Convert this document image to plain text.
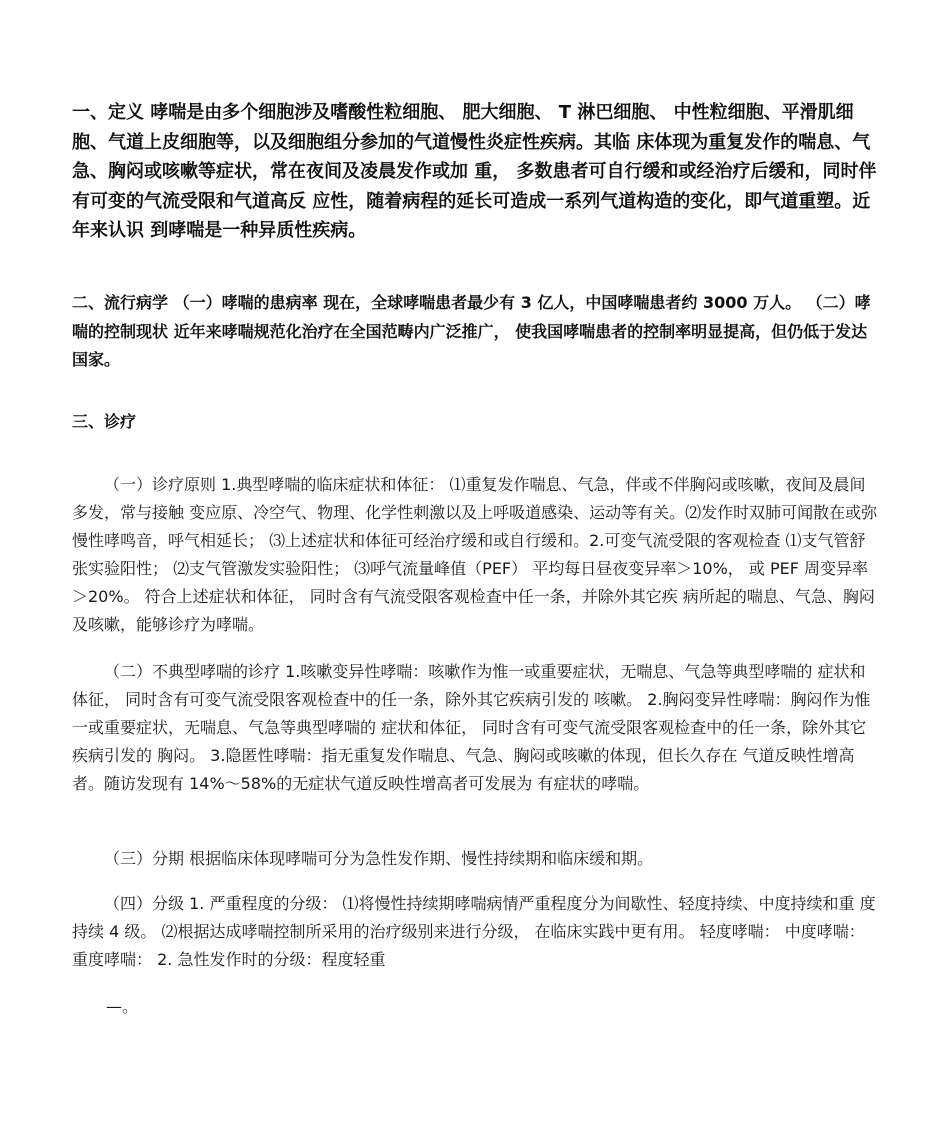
一、定义 哮喘是由多个细胞涉及嗜酸性粒细胞、 肥大细胞、 T 淋巴细胞、 中性粒细胞、平滑肌细胞、气道上皮细胞等，以及细胞组分参加的气道慢性炎症性疾病。其临 床体现为重复发作的喘息、气急、胸闷或咳嗽等症状，常在夜间及凌晨发作或加 重， 多数患者可自行缓和或经治疗后缓和，同时伴有可变的气流受限和气道高反 应性，随着病程的延长可造成一系列气道构造的变化，即气道重塑。近年来认识 到哮喘是一种异质性疾病。

二、流行病学 （一）哮喘的患病率 现在，全球哮喘患者最少有 3 亿人，中国哮喘患者约 3000 万人。 （二）哮喘的控制现状 近年来哮喘规范化治疗在全国范畴内广泛推广， 使我国哮喘患者的控制率明显提高，但仍低于发达国家。

三、诊疗

（一）诊疗原则 1.典型哮喘的临床症状和体征： ⑴重复发作喘息、气急，伴或不伴胸闷或咳嗽，夜间及晨间多发，常与接触 变应原、冷空气、物理、化学性刺激以及上呼吸道感染、运动等有关。⑵发作时双肺可闻散在或弥慢性哮鸣音，呼气相延长； ⑶上述症状和体征可经治疗缓和或自行缓和。2.可变气流受限的客观检查 ⑴支气管舒张实验阳性； ⑵支气管激发实验阳性； ⑶呼气流量峰值（PEF） 平均每日昼夜变异率＞10%， 或 PEF 周变异率＞20%。 符合上述症状和体征， 同时含有气流受限客观检查中任一条，并除外其它疾 病所起的喘息、气急、胸闷及咳嗽，能够诊疗为哮喘。

（二）不典型哮喘的诊疗 1.咳嗽变异性哮喘：咳嗽作为惟一或重要症状，无喘息、气急等典型哮喘的 症状和体征， 同时含有可变气流受限客观检查中的任一条，除外其它疾病引发的 咳嗽。 2.胸闷变异性哮喘：胸闷作为惟一或重要症状，无喘息、气急等典型哮喘的 症状和体征， 同时含有可变气流受限客观检查中的任一条，除外其它疾病引发的 胸闷。 3.隐匿性哮喘：指无重复发作喘息、气急、胸闷或咳嗽的体现，但长久存在 气道反映性增高者。随访发现有 14%～58%的无症状气道反映性增高者可发展为 有症状的哮喘。

（三）分期 根据临床体现哮喘可分为急性发作期、慢性持续期和临床缓和期。

（四）分级 1. 严重程度的分级： ⑴将慢性持续期哮喘病情严重程度分为间歇性、轻度持续、中度持续和重 度持续 4 级。 ⑵根据达成哮喘控制所采用的治疗级别来进行分级， 在临床实践中更有用。 轻度哮喘： 中度哮喘： 重度哮喘： 2. 急性发作时的分级：程度轻重

—。
